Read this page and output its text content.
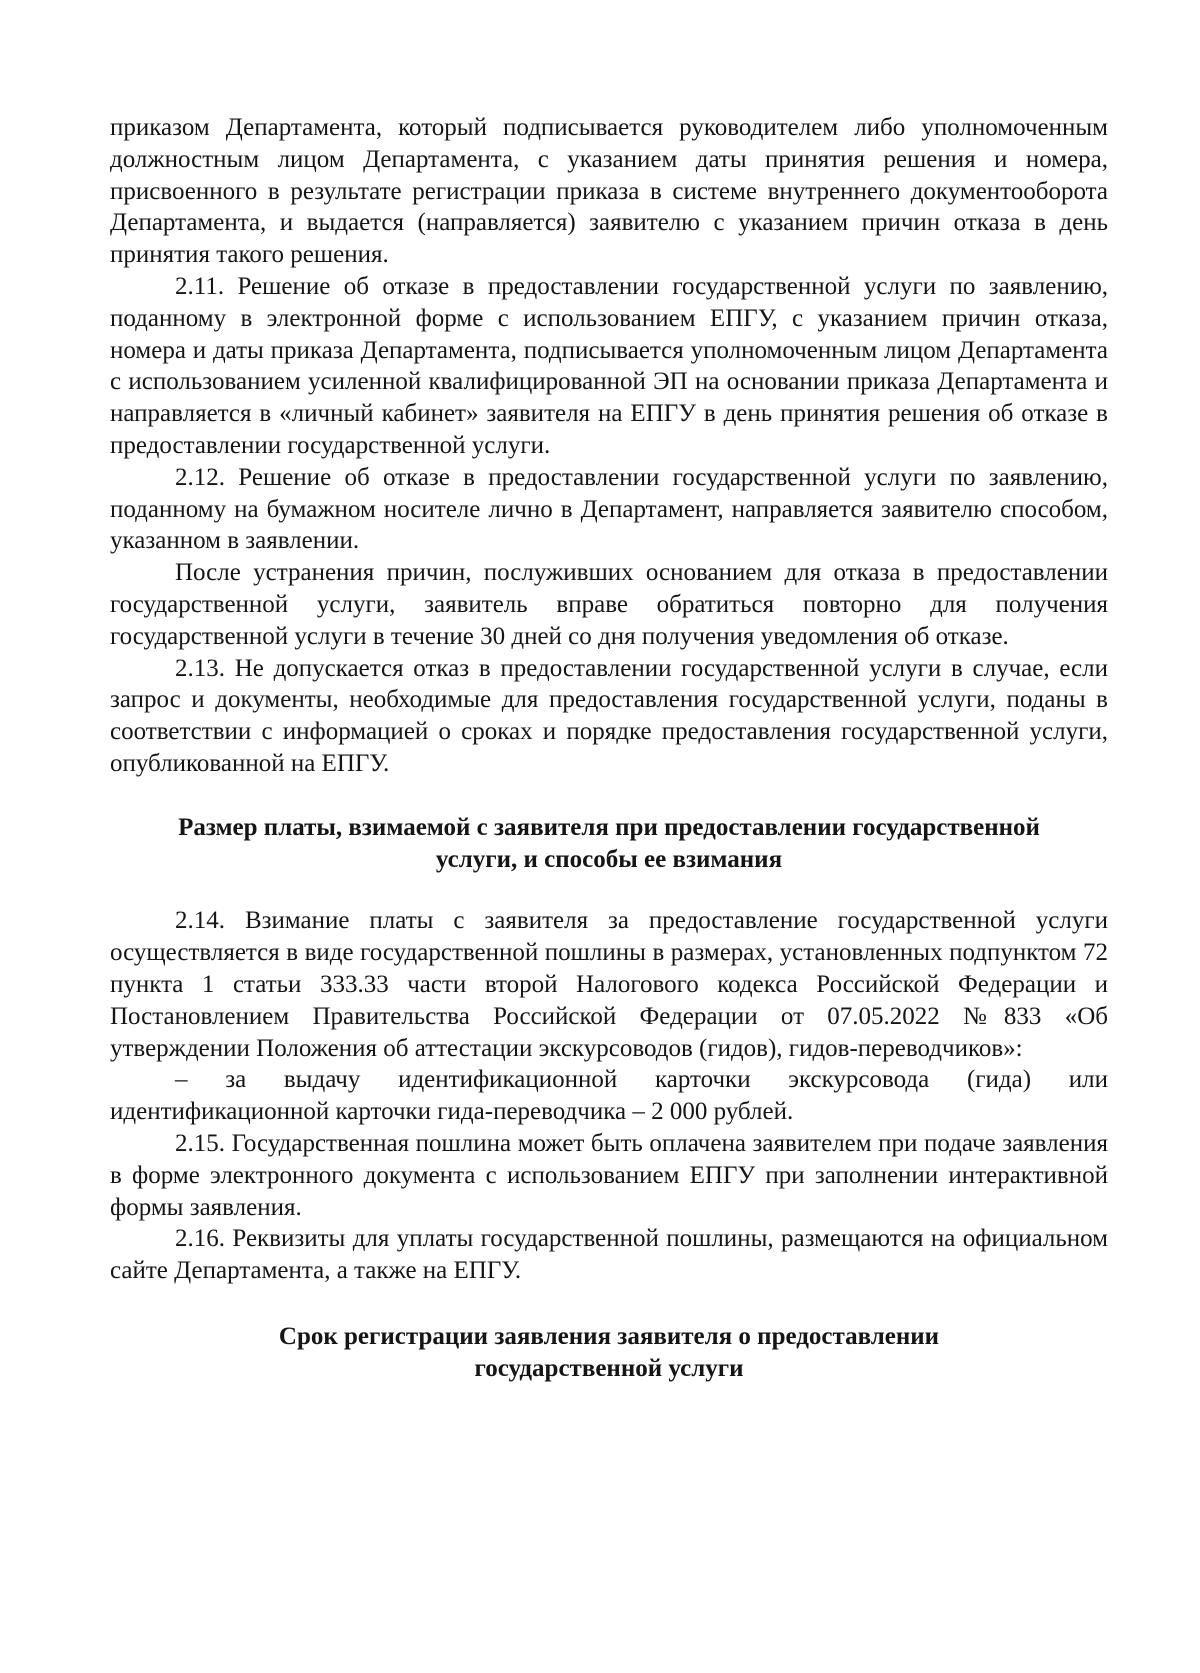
приказом Департамента, который подписывается руководителем либо уполномоченным должностным лицом Департамента, с указанием даты принятия решения и номера, присвоенного в результате регистрации приказа в системе внутреннего документооборота Департамента, и выдается (направляется) заявителю с указанием причин отказа в день принятия такого решения.

2.11. Решение об отказе в предоставлении государственной услуги по заявлению, поданному в электронной форме с использованием ЕПГУ, с указанием причин отказа, номера и даты приказа Департамента, подписывается уполномоченным лицом Департамента с использованием усиленной квалифицированной ЭП на основании приказа Департамента и направляется в «личный кабинет» заявителя на ЕПГУ в день принятия решения об отказе в предоставлении государственной услуги.

2.12. Решение об отказе в предоставлении государственной услуги по заявлению, поданному на бумажном носителе лично в Департамент, направляется заявителю способом, указанном в заявлении.

После устранения причин, послуживших основанием для отказа в предоставлении государственной услуги, заявитель вправе обратиться повторно для получения государственной услуги в течение 30 дней со дня получения уведомления об отказе.

2.13. Не допускается отказ в предоставлении государственной услуги в случае, если запрос и документы, необходимые для предоставления государственной услуги, поданы в соответствии с информацией о сроках и порядке предоставления государственной услуги, опубликованной на ЕПГУ.

Размер платы, взимаемой с заявителя при предоставлении государственной
услуги, и способы ее взимания

2.14. Взимание платы с заявителя за предоставление государственной услуги осуществляется в виде государственной пошлины в размерах, установленных подпунктом 72 пункта 1 статьи 333.33 части второй Налогового кодекса Российской Федерации и Постановлением Правительства Российской Федерации от 07.05.2022 №833 «Об утверждении Положения об аттестации экскурсоводов (гидов), гидов-переводчиков»:

– за выдачу идентификационной карточки экскурсовода (гида) или идентификационной карточки гида-переводчика – 2 000 рублей.

2.15. Государственная пошлина может быть оплачена заявителем при подаче заявления в форме электронного документа с использованием ЕПГУ при заполнении интерактивной формы заявления.

2.16. Реквизиты для уплаты государственной пошлины, размещаются на официальном сайте Департамента, а также на ЕПГУ.

Срок регистрации заявления заявителя о предоставлении
государственной услуги
